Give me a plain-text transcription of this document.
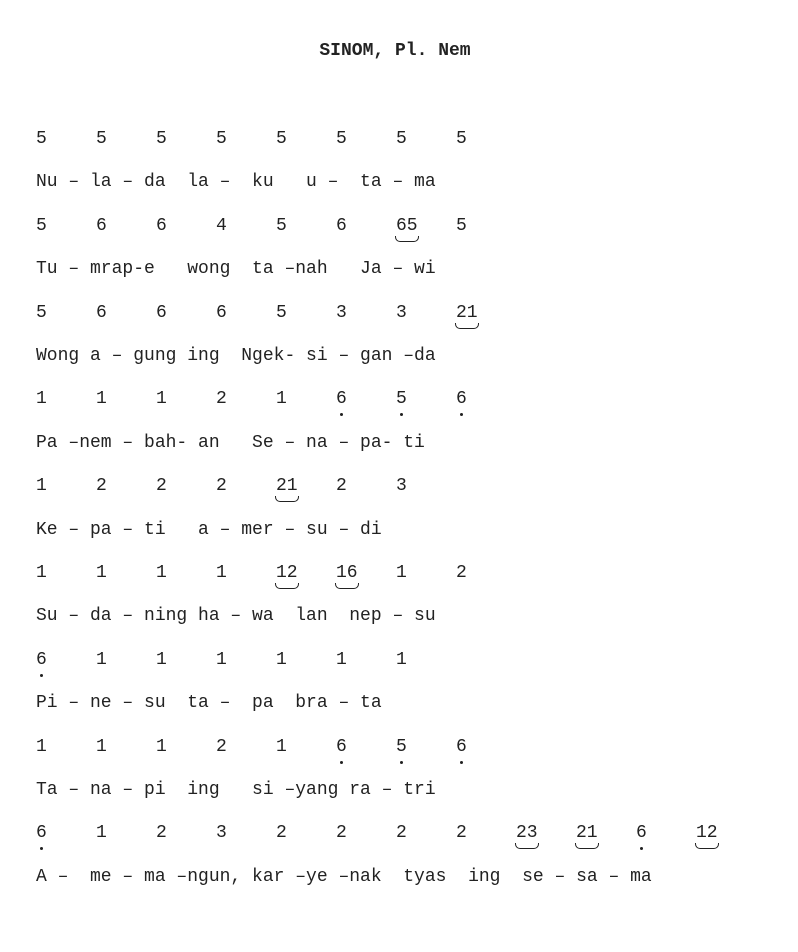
SINOM, Pl. Nem
5	5	5	5	5	5	5	5
Nu – la – da  la –  ku   u –  ta – ma
5	6	6	4	5	6	65 5
Tu – mrap-e   wong  ta –nah   Ja – wi
5	6	6	6	5	3	3	21
Wong a – gung ing  Ngek- si – gan –da
1	1	1	2	1	6	5	6
Pa –nem – bah- an   Se – na – pa- ti
1	2	2	2	21 2	3
Ke – pa – ti   a – mer – su – di
1	1	1	1	12 16 1	2
Su – da – ning ha – wa  lan  nep – su
6	1	1	1	1	1	1
Pi – ne – su  ta –  pa  bra – ta
1	1	1	2	1	6	5	6
Ta – na – pi  ing   si –yang ra – tri
6	1	2	3	2	2	2	2	23 21 6	12
A –  me – ma –ngun, kar –ye –nak  tyas  ing  se – sa – ma
